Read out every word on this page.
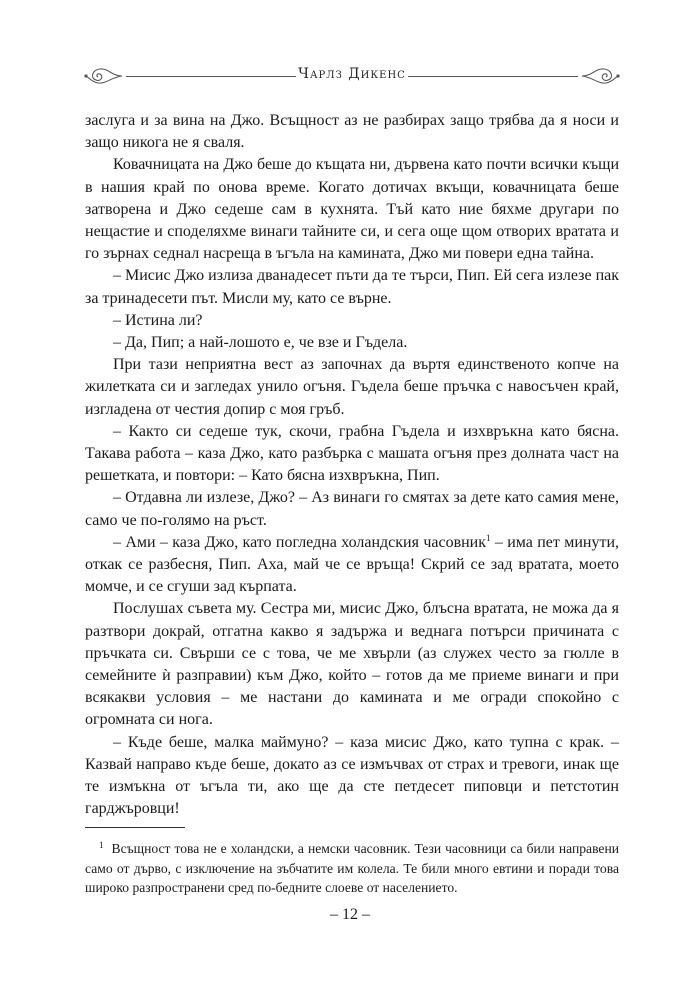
Чарлз Дикенс

заслуга и за вина на Джо. Всъщност аз не разбирах защо трябва да я носи и защо никога не я сваля.

Ковачницата на Джо беше до къщата ни, дървена като почти всички къщи в нашия край по онова време. Когато дотичах вкъщи, ковачницата беше затворена и Джо седеше сам в кухнята. Тъй като ние бяхме другари по нещастие и споделяхме винаги тайните си, и сега още щом отворих вратата и го зърнах седнал насреща в ъгъла на камината, Джо ми повери една тайна.

– Мисис Джо излиза дванадесет пъти да те търси, Пип. Ей сега излезе пак за тринадесети път. Мисли му, като се върне.

– Истина ли?

– Да, Пип; а най-лошото е, че взе и Гъдела.

При тази неприятна вест аз започнах да въртя единственото копче на жилетката си и загледах унило огъня. Гъдела беше пръчка с навосъчен край, изгладена от честия допир с моя гръб.

– Както си седеше тук, скочи, грабна Гъдела и изхвръкна като бясна. Такава работа – каза Джо, като разбърка с машата огъня през долната част на решетката, и повтори: – Като бясна изхвръкна, Пип.

– Отдавна ли излезе, Джо? – Аз винаги го смятах за дете като самия мене, само че по-голямо на ръст.

– Ами – каза Джо, като погледна холандския часовник$^1$ – има пет минути, откак се разбесня, Пип. Аха, май че се връща! Скрий се зад вратата, моето момче, и се сгуши зад кърпата.

Послушах съвета му. Сестра ми, мисис Джо, блъсна вратата, не можа да я разтвори докрай, отгатна какво я задържа и веднага потърси причината с пръчката си. Свърши се с това, че ме хвърли (аз служех често за гюлле в семейните ѝ разправии) към Джо, който – готов да ме приеме винаги и при всякакви условия – ме настани до камината и ме огради спокойно с огромната си нога.

– Къде беше, малка маймуно? – каза мисис Джо, като тупна с крак. – Казвай направо къде беше, докато аз се измъчвах от страх и тревоги, инак ще те измъкна от ъгъла ти, ако ще да сте петдесет пиповци и петстотин гарджъровци!

$^1$ Всъщност това не е холандски, а немски часовник. Тези часовници са били направени само от дърво, с изключение на зъбчатите им колела. Те били много евтини и поради това широко разпространени сред по-бедните слоеве от населението.

– 12 –
